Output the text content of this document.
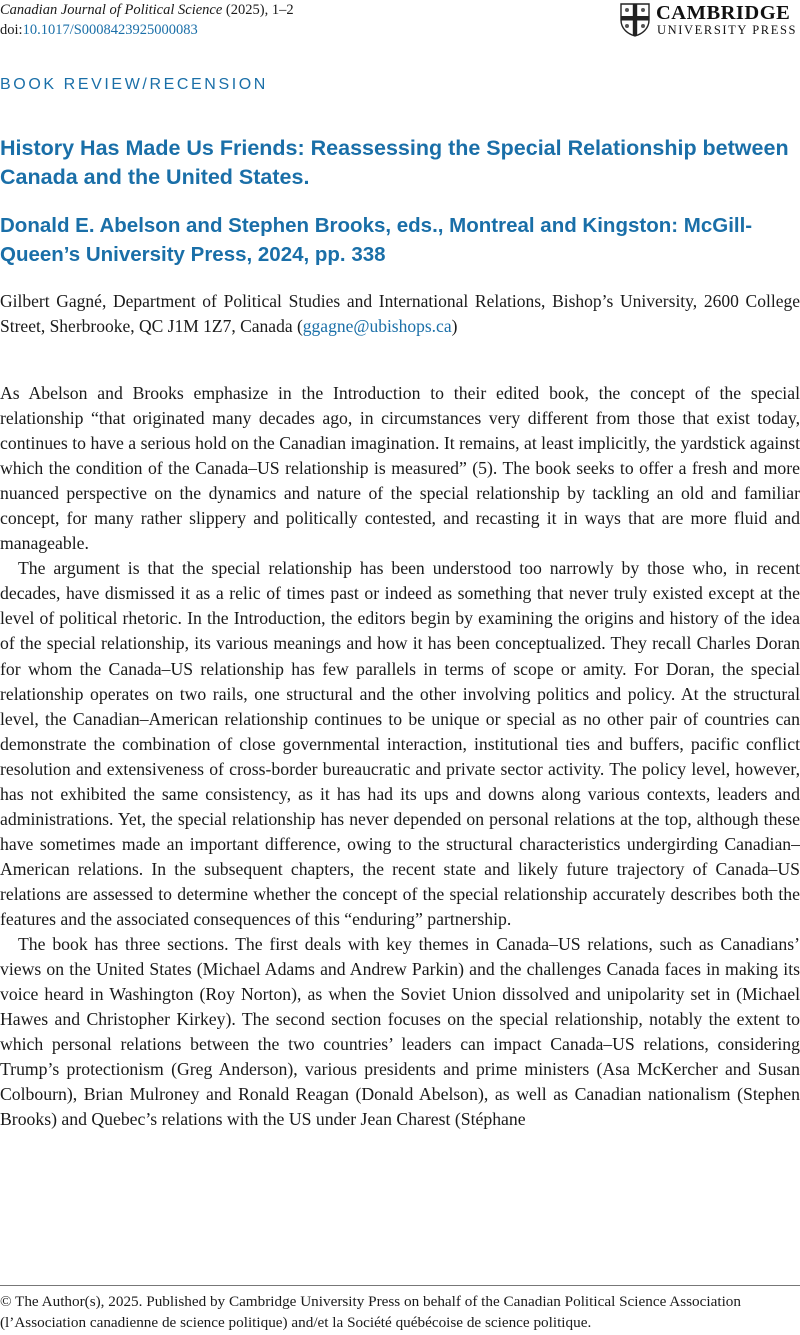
Canadian Journal of Political Science (2025), 1–2
doi:10.1017/S0008423925000083
CAMBRIDGE
UNIVERSITY PRESS
BOOK REVIEW/RECENSION
History Has Made Us Friends: Reassessing the Special Relationship between Canada and the United States.
Donald E. Abelson and Stephen Brooks, eds., Montreal and Kingston: McGill-Queen’s University Press, 2024, pp. 338

Gilbert Gagné, Department of Political Studies and International Relations, Bishop’s University, 2600 College Street, Sherbrooke, QC J1M 1Z7, Canada (ggagne@ubishops.ca)

As Abelson and Brooks emphasize in the Introduction to their edited book, the concept of the special relationship “that originated many decades ago, in circumstances very different from those that exist today, continues to have a serious hold on the Canadian imagination. It remains, at least implicitly, the yardstick against which the condition of the Canada–US relationship is measured” (5). The book seeks to offer a fresh and more nuanced perspective on the dynamics and nature of the special relationship by tackling an old and familiar concept, for many rather slippery and politically contested, and recasting it in ways that are more fluid and manageable.

The argument is that the special relationship has been understood too narrowly by those who, in recent decades, have dismissed it as a relic of times past or indeed as something that never truly existed except at the level of political rhetoric. In the Introduction, the editors begin by examining the origins and history of the idea of the special relationship, its various meanings and how it has been conceptualized. They recall Charles Doran for whom the Canada–US relationship has few parallels in terms of scope or amity. For Doran, the special relationship operates on two rails, one structural and the other involving politics and policy. At the structural level, the Canadian–American relationship continues to be unique or special as no other pair of countries can demonstrate the combination of close governmental interaction, institutional ties and buffers, pacific conflict resolution and extensiveness of cross-border bureaucratic and private sector activity. The policy level, however, has not exhibited the same consistency, as it has had its ups and downs along various contexts, leaders and administrations. Yet, the special relationship has never depended on personal relations at the top, although these have sometimes made an important difference, owing to the structural characteristics undergirding Canadian–American relations. In the subsequent chapters, the recent state and likely future trajectory of Canada–US relations are assessed to determine whether the concept of the special relationship accurately describes both the features and the associated consequences of this “enduring” partnership.

The book has three sections. The first deals with key themes in Canada–US relations, such as Canadians’ views on the United States (Michael Adams and Andrew Parkin) and the challenges Canada faces in making its voice heard in Washington (Roy Norton), as when the Soviet Union dissolved and unipolarity set in (Michael Hawes and Christopher Kirkey). The second section focuses on the special relationship, notably the extent to which personal relations between the two countries’ leaders can impact Canada–US relations, considering Trump’s protectionism (Greg Anderson), various presidents and prime ministers (Asa McKercher and Susan Colbourn), Brian Mulroney and Ronald Reagan (Donald Abelson), as well as Canadian nationalism (Stephen Brooks) and Quebec’s relations with the US under Jean Charest (Stéphane

© The Author(s), 2025. Published by Cambridge University Press on behalf of the Canadian Political Science Association (l’Association canadienne de science politique) and/et la Société québécoise de science politique.
